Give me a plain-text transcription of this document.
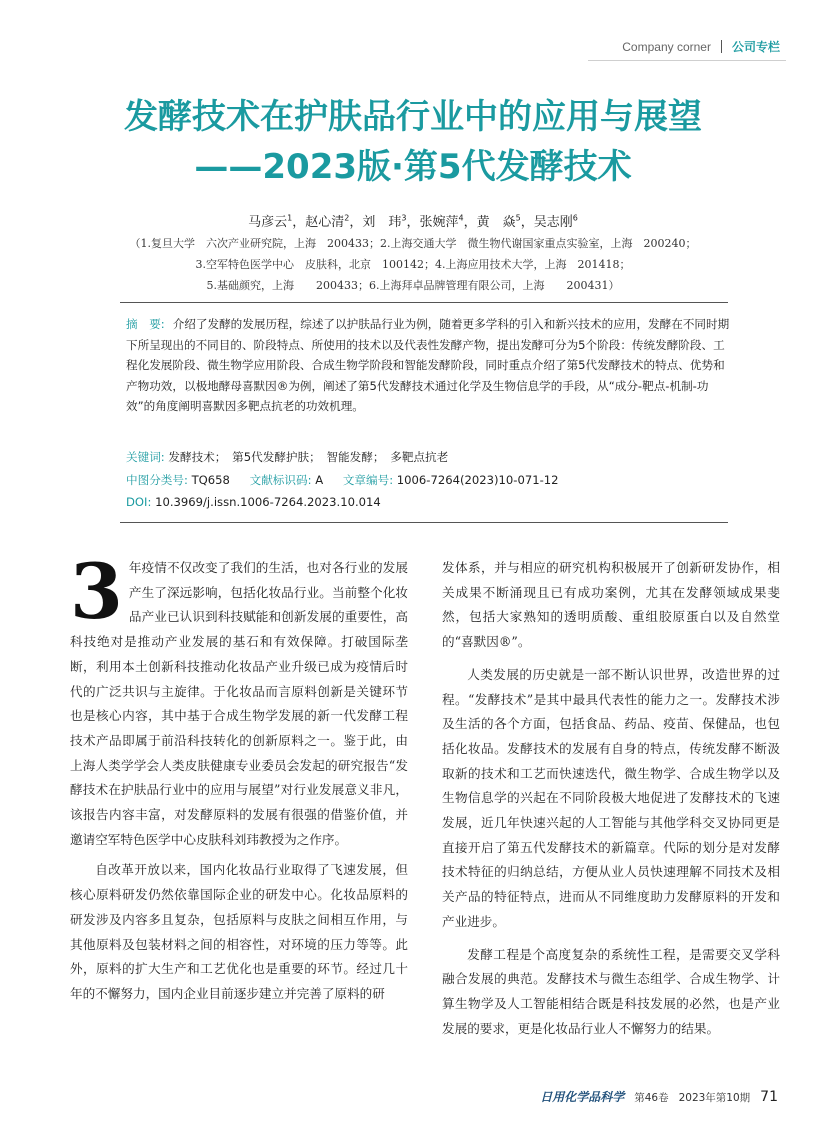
Company corner 公司专栏
发酵技术在护肤品行业中的应用与展望
——2023版·第5代发酵技术
马彦云$^1$，赵心清$^2$，刘　玮$^3$，张婉萍$^4$，黄　焱$^5$，吴志刚$^6$
（1.复旦大学　六次产业研究院，上海　200433；2.上海交通大学　微生物代谢国家重点实验室，上海　200240；
3.空军特色医学中心　皮肤科，北京　100142；4.上海应用技术大学，上海　201418；
5.基础颜究，上海　　200433；6.上海拜卓品牌管理有限公司，上海　　200431）
摘　要: 介绍了发酵的发展历程，综述了以护肤品行业为例，随着更多学科的引入和新兴技术的应用，发酵在不同时期下所呈现出的不同目的、阶段特点、所使用的技术以及代表性发酵产物，提出发酵可分为5个阶段：传统发酵阶段、工程化发展阶段、微生物学应用阶段、合成生物学阶段和智能发酵阶段，同时重点介绍了第5代发酵技术的特点、优势和产物功效，以极地酵母喜默因®为例，阐述了第5代发酵技术通过化学及生物信息学的手段，从“成分-靶点-机制-功效”的角度阐明喜默因多靶点抗老的功效机理。
关键词: 发酵技术；　第5代发酵护肤；　智能发酵；　多靶点抗老
中图分类号: TQ658 文献标识码: A 文章编号: 1006-7264(2023)10-071-12
DOI: 10.3969/j.issn.1006-7264.2023.10.014

3 年疫情不仅改变了我们的生活，也对各行业的发展产生了深远影响，包括化妆品行业。当前整个化妆品产业已认识到科技赋能和创新发展的重要性，高科技绝对是推动产业发展的基石和有效保障。打破国际垄断，利用本土创新科技推动化妆品产业升级已成为疫情后时代的广泛共识与主旋律。于化妆品而言原料创新是关键环节也是核心内容，其中基于合成生物学发展的新一代发酵工程技术产品即属于前沿科技转化的创新原料之一。鉴于此，由上海人类学学会人类皮肤健康专业委员会发起的研究报告“发酵技术在护肤品行业中的应用与展望”对行业发展意义非凡，该报告内容丰富，对发酵原料的发展有很强的借鉴价值，并邀请空军特色医学中心皮肤科刘玮教授为之作序。

自改革开放以来，国内化妆品行业取得了飞速发展，但核心原料研发仍然依靠国际企业的研发中心。化妆品原料的研发涉及内容多且复杂，包括原料与皮肤之间相互作用，与其他原料及包装材料之间的相容性，对环境的压力等等。此外，原料的扩大生产和工艺优化也是重要的环节。经过几十年的不懈努力，国内企业目前逐步建立并完善了原料的研

发体系，并与相应的研究机构积极展开了创新研发协作，相关成果不断涌现且已有成功案例，尤其在发酵领域成果斐然，包括大家熟知的透明质酸、重组胶原蛋白以及自然堂的“喜默因®”。

人类发展的历史就是一部不断认识世界，改造世界的过程。“发酵技术”是其中最具代表性的能力之一。发酵技术涉及生活的各个方面，包括食品、药品、疫苗、保健品，也包括化妆品。发酵技术的发展有自身的特点，传统发酵不断汲取新的技术和工艺而快速迭代，微生物学、合成生物学以及生物信息学的兴起在不同阶段极大地促进了发酵技术的飞速发展，近几年快速兴起的人工智能与其他学科交叉协同更是直接开启了第五代发酵技术的新篇章。代际的划分是对发酵技术特征的归纳总结，方便从业人员快速理解不同技术及相关产品的特征特点，进而从不同维度助力发酵原料的开发和产业进步。

发酵工程是个高度复杂的系统性工程，是需要交叉学科融合发展的典范。发酵技术与微生态组学、合成生物学、计算生物学及人工智能相结合既是科技发展的必然，也是产业发展的要求，更是化妆品行业人不懈努力的结果。

日用化学品科学 第46卷 2023年第10期 71
